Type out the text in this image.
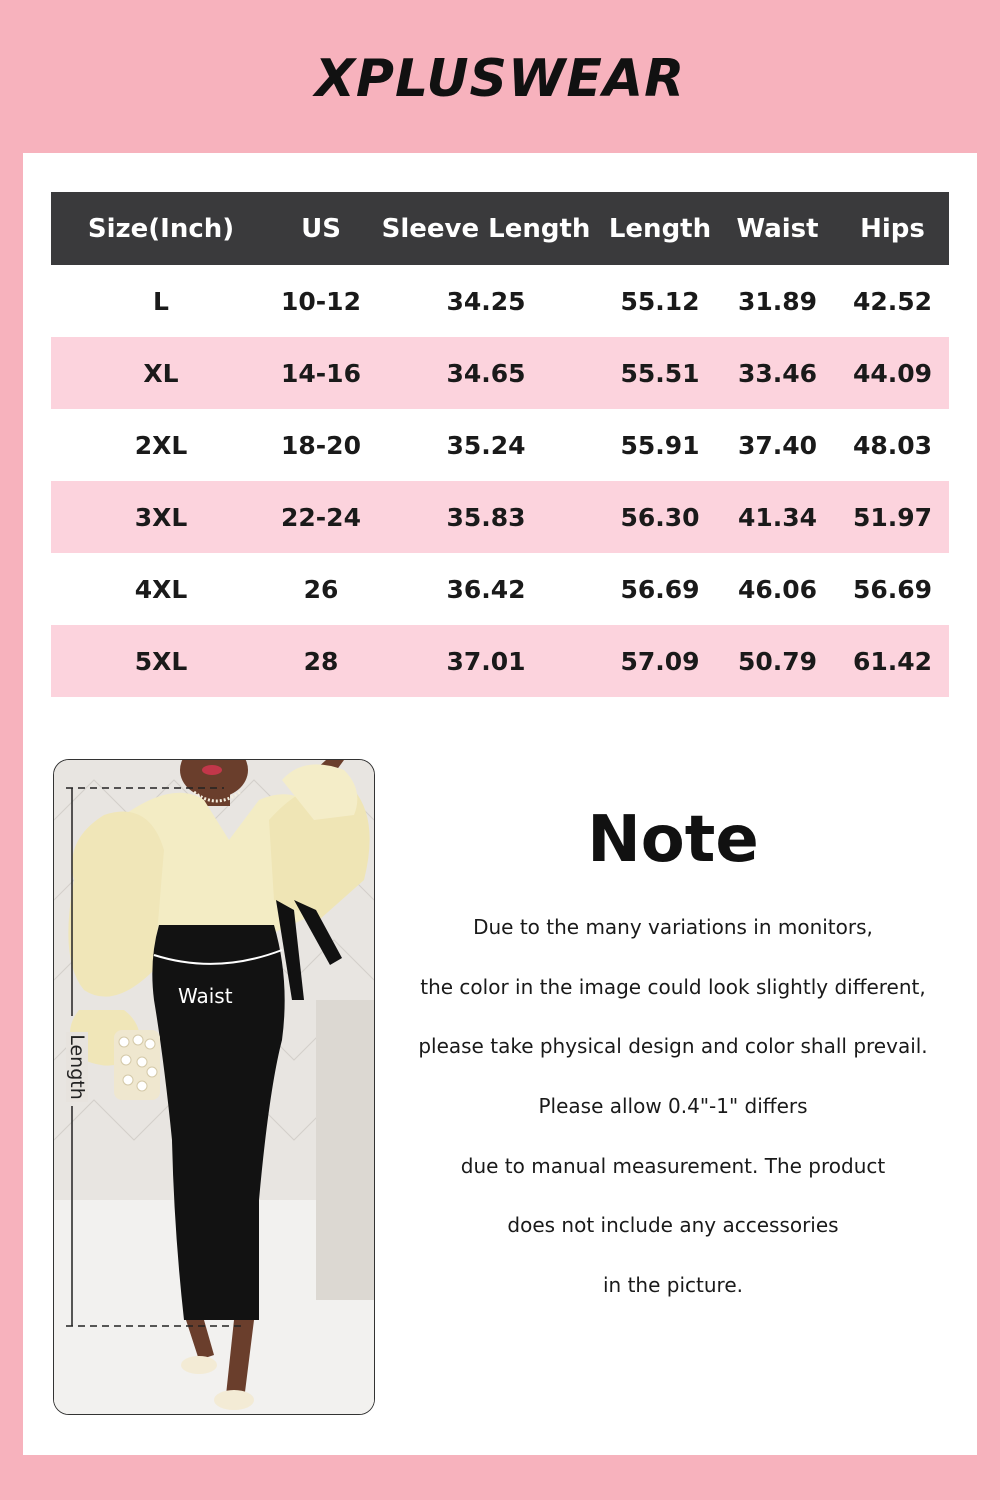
XPLUSWEAR
Size(Inch)	US	Sleeve Length	Length	Waist	Hips
L	10-12	34.25	55.12	31.89	42.52
XL	14-16	34.65	55.51	33.46	44.09
2XL	18-20	35.24	55.91	37.40	48.03
3XL	22-24	35.83	56.30	41.34	51.97
4XL	26	36.42	56.69	46.06	56.69
5XL	28	37.01	57.09	50.79	61.42
Waist
Length
Note
Due to the many variations in monitors,
the color in the image could look slightly different,
please take physical design and color shall prevail.
Please allow 0.4"-1" differs
due to manual measurement. The product
does not include any accessories
in the picture.
